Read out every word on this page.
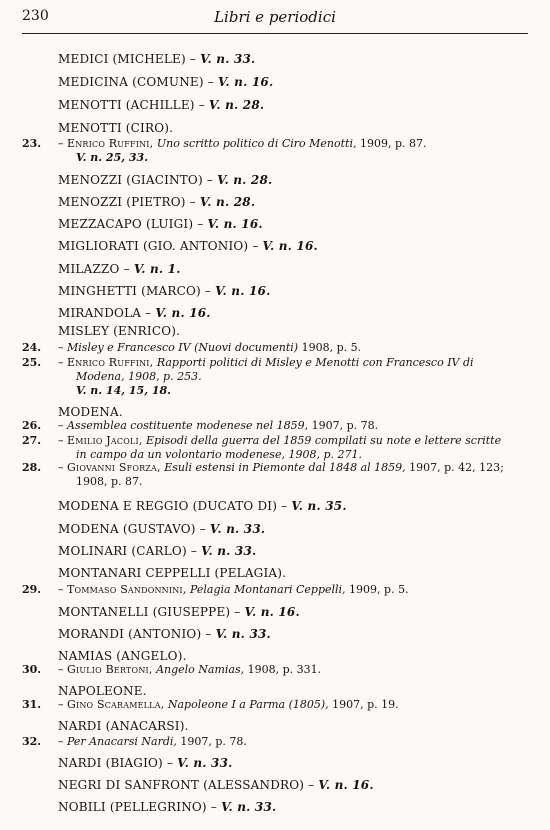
230	Libri e periodici
MEDICI (MICHELE) – V. n. 33.
MEDICINA (COMUNE) – V. n. 16.
MENOTTI (ACHILLE) – V. n. 28.
MENOTTI (CIRO).
23. – Enrico Ruffini, Uno scritto politico di Ciro Menotti, 1909, p. 87.
V. n. 25, 33.
MENOZZI (GIACINTO) – V. n. 28.
MENOZZI (PIETRO) – V. n. 28.
MEZZACAPO (LUIGI) – V. n. 16.
MIGLIORATI (GIO. ANTONIO) – V. n. 16.
MILAZZO – V. n. 1.
MINGHETTI (MARCO) – V. n. 16.
MIRANDOLA – V. n. 16.
MISLEY (ENRICO).
24. – Misley e Francesco IV (Nuovi documenti) 1908, p. 5.
25. – Enrico Ruffini, Rapporti politici di Misley e Menotti con Francesco IV di
Modena, 1908, p. 253.
V. n. 14, 15, 18.
MODENA.
26. – Assemblea costituente modenese nel 1859, 1907, p. 78.
27. – Emilio Jacoli, Episodi della guerra del 1859 compilati su note e lettere scritte
in campo da un volontario modenese, 1908, p. 271.
28. – Giovanni Sforza, Esuli estensi in Piemonte dal 1848 al 1859, 1907, p. 42, 123;
1908, p. 87.
MODENA E REGGIO (DUCATO DI) – V. n. 35.
MODENA (GUSTAVO) – V. n. 33.
MOLINARI (CARLO) – V. n. 33.
MONTANARI CEPPELLI (PELAGIA).
29. – Tommaso Sandonnini, Pelagia Montanari Ceppelli, 1909, p. 5.
MONTANELLI (GIUSEPPE) – V. n. 16.
MORANDI (ANTONIO) – V. n. 33.
NAMIAS (ANGELO).
30. – Giulio Bertoni, Angelo Namias, 1908, p. 331.
NAPOLEONE.
31. – Gino Scaramella, Napoleone I a Parma (1805), 1907, p. 19.
NARDI (ANACARSI).
32. – Per Anacarsi Nardi, 1907, p. 78.
NARDI (BIAGIO) – V. n. 33.
NEGRI DI SANFRONT (ALESSANDRO) – V. n. 16.
NOBILI (PELLEGRINO) – V. n. 33.
